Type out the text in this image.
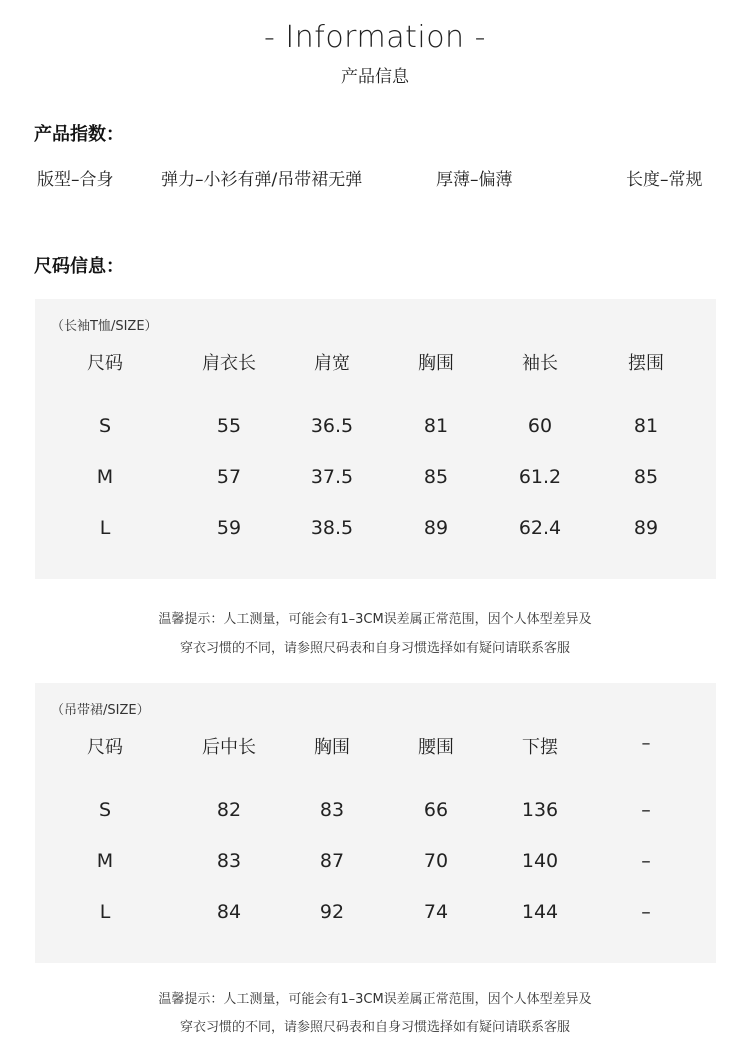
- Information -
产品信息
产品指数：
版型–合身	弹力–小衫有弹/吊带裙无弹	厚薄–偏薄	长度–常规
尺码信息：
（长袖T恤/SIZE）
尺码	肩衣长	肩宽	胸围	袖长	摆围
S	55	36.5	81	60	81
M	57	37.5	85	61.2	85
L	59	38.5	89	62.4	89
温馨提示：人工测量，可能会有1–3CM误差属正常范围，因个人体型差异及
穿衣习惯的不同，请参照尺码表和自身习惯选择如有疑问请联系客服
（吊带裙/SIZE）
尺码	后中长	胸围	腰围	下摆	–
S	82	83	66	136	–
M	83	87	70	140	–
L	84	92	74	144	–
温馨提示：人工测量，可能会有1–3CM误差属正常范围，因个人体型差异及
穿衣习惯的不同，请参照尺码表和自身习惯选择如有疑问请联系客服
